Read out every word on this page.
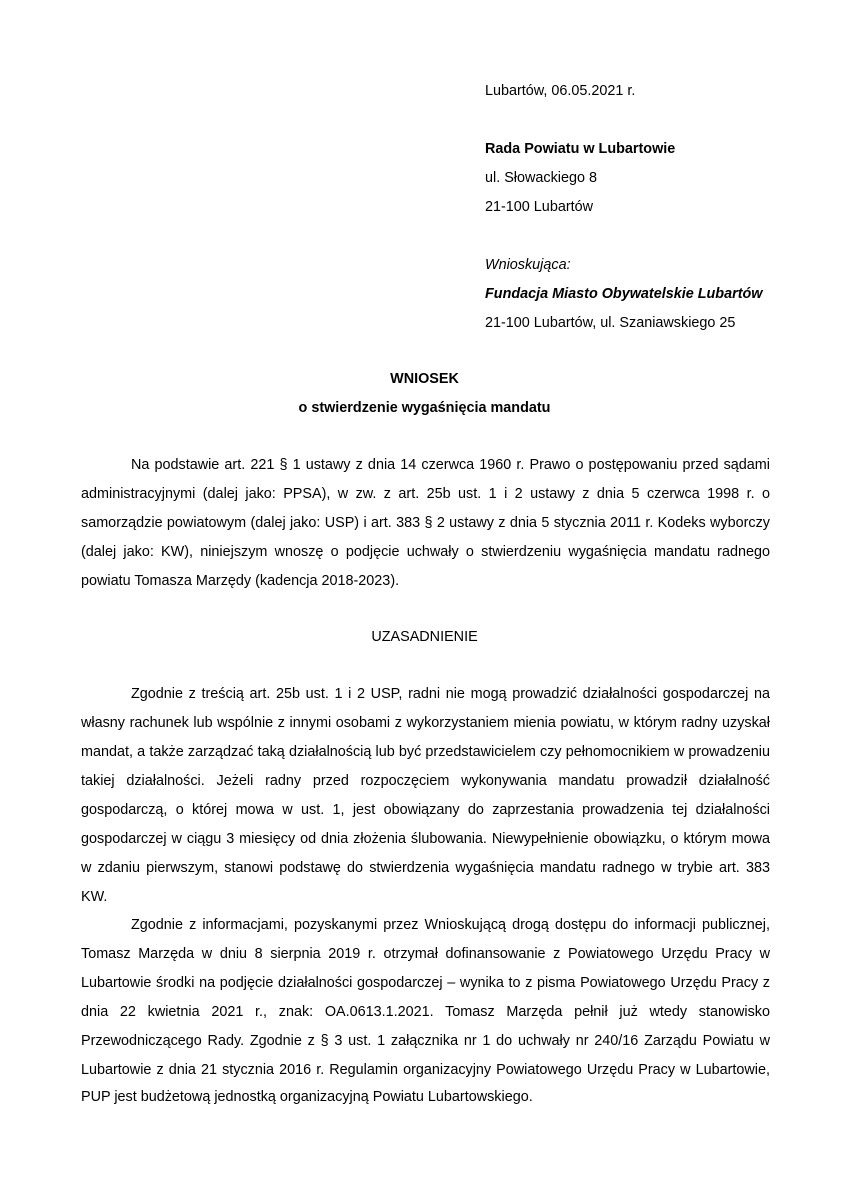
Lubartów, 06.05.2021 r.
Rada Powiatu w Lubartowie
ul. Słowackiego 8
21-100 Lubartów
Wnioskująca:
Fundacja Miasto Obywatelskie Lubartów
21-100 Lubartów, ul. Szaniawskiego 25
WNIOSEK
o stwierdzenie wygaśnięcia mandatu
Na podstawie art. 221 § 1 ustawy z dnia 14 czerwca 1960 r. Prawo o postępowaniu przed sądami
administracyjnymi (dalej jako: PPSA), w zw. z art. 25b ust. 1 i 2 ustawy z dnia 5 czerwca 1998 r. o
samorządzie powiatowym (dalej jako: USP) i art. 383 § 2 ustawy z dnia 5 stycznia 2011 r. Kodeks wyborczy
(dalej jako: KW), niniejszym wnoszę o podjęcie uchwały o stwierdzeniu wygaśnięcia mandatu radnego
powiatu Tomasza Marzędy (kadencja 2018-2023).
UZASADNIENIE
Zgodnie z treścią art. 25b ust. 1 i 2 USP, radni nie mogą prowadzić działalności gospodarczej na
własny rachunek lub wspólnie z innymi osobami z wykorzystaniem mienia powiatu, w którym radny uzyskał
mandat, a także zarządzać taką działalnością lub być przedstawicielem czy pełnomocnikiem w prowadzeniu
takiej działalności. Jeżeli radny przed rozpoczęciem wykonywania mandatu prowadził działalność
gospodarczą, o której mowa w ust. 1, jest obowiązany do zaprzestania prowadzenia tej działalności
gospodarczej w ciągu 3 miesięcy od dnia złożenia ślubowania. Niewypełnienie obowiązku, o którym mowa
w zdaniu pierwszym, stanowi podstawę do stwierdzenia wygaśnięcia mandatu radnego w trybie art. 383
KW.
Zgodnie z informacjami, pozyskanymi przez Wnioskującą drogą dostępu do informacji publicznej,
Tomasz Marzęda w dniu 8 sierpnia 2019 r. otrzymał dofinansowanie z Powiatowego Urzędu Pracy w
Lubartowie środki na podjęcie działalności gospodarczej – wynika to z pisma Powiatowego Urzędu Pracy z
dnia 22 kwietnia 2021 r., znak: OA.0613.1.2021. Tomasz Marzęda pełnił już wtedy stanowisko
Przewodniczącego Rady. Zgodnie z § 3 ust. 1 załącznika nr 1 do uchwały nr 240/16 Zarządu Powiatu w
Lubartowie z dnia 21 stycznia 2016 r. Regulamin organizacyjny Powiatowego Urzędu Pracy w Lubartowie,
PUP jest budżetową jednostką organizacyjną Powiatu Lubartowskiego.
